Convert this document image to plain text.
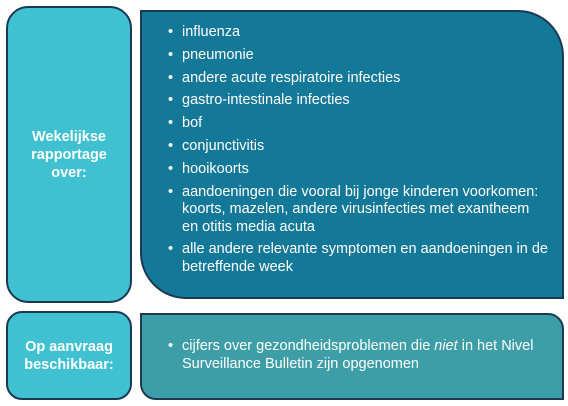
Wekelijkse
rapportage
over:
• influenza
• pneumonie
• andere acute respiratoire infecties
• gastro-intestinale infecties
• bof
• conjunctivitis
• hooikoorts
• aandoeningen die vooral bij jonge kinderen voorkomen: koorts, mazelen, andere virusinfecties met exantheem en otitis media acuta
• alle andere relevante symptomen en aandoeningen in de betreffende week
Op aanvraag
beschikbaar:
• cijfers over gezondheidsproblemen die niet in het Nivel Surveillance Bulletin zijn opgenomen
